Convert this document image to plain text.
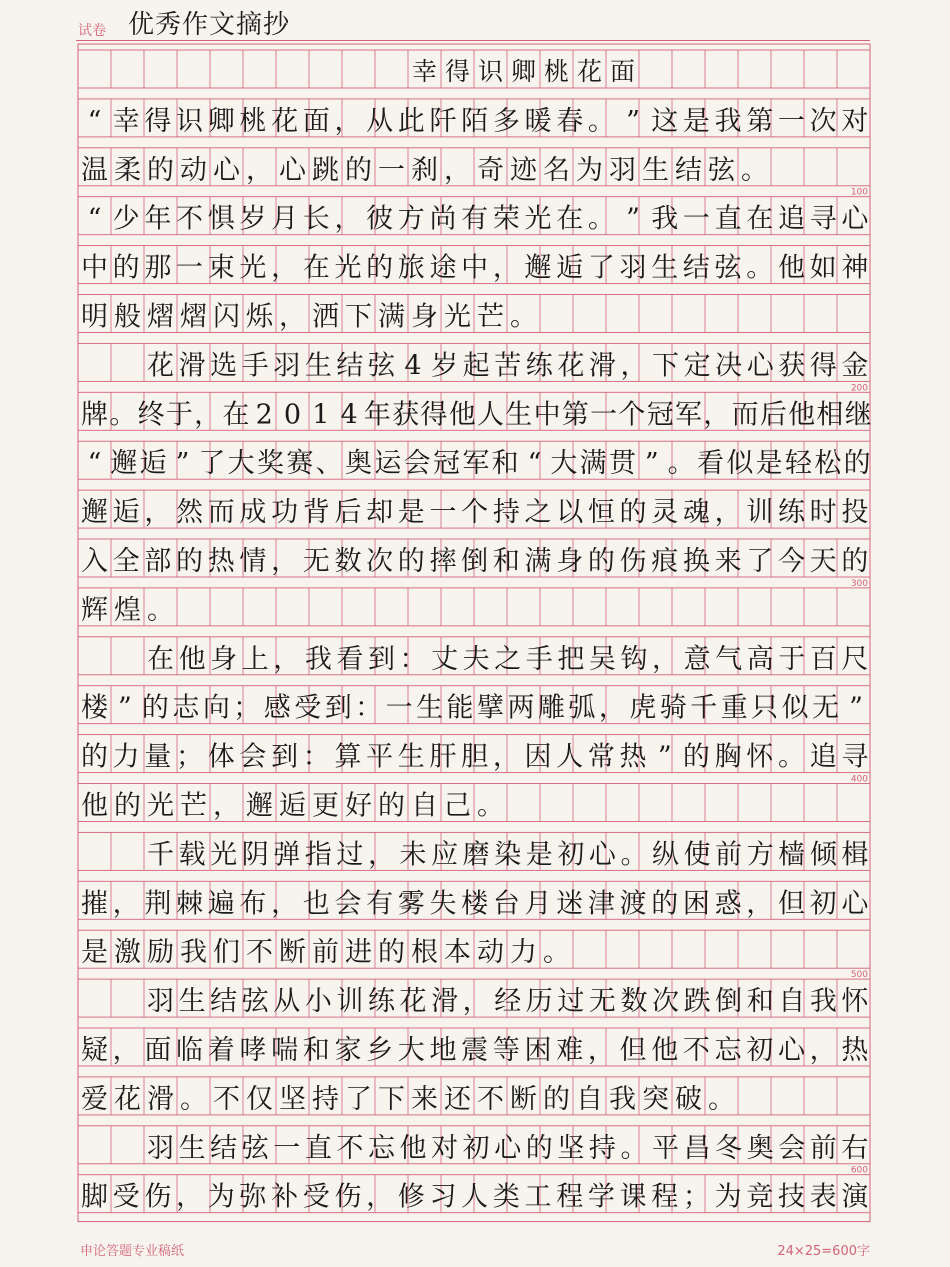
试卷 优秀作文摘抄
100
200
300
400
500
600
幸 得 识 卿 桃 花 面
“ 幸 得 识 卿 桃 花 面 ， 从 此 阡 陌 多 暖 春 。 ” 这 是 我 第 一 次 对
温 柔 的 动 心 ， 心 跳 的 一 刹 ， 奇 迹 名 为 羽 生 结 弦 。
“ 少 年 不 惧 岁 月 长 ， 彼 方 尚 有 荣 光 在 。 ” 我 一 直 在 追 寻 心
中 的 那 一 束 光 ， 在 光 的 旅 途 中 ， 邂 逅 了 羽 生 结 弦 。 他 如 神
明 般 熠 熠 闪 烁 ， 洒 下 满 身 光 芒 。
花 滑 选 手 羽 生 结 弦 4 岁 起 苦 练 花 滑 ， 下 定 决 心 获 得 金
牌 。 终 于 ， 在 2 0 1 4 年 获 得 他 人 生 中 第 一 个 冠 军 ， 而 后 他 相 继
“ 邂 逅 ” 了 大 奖 赛 、 奥 运 会 冠 军 和 “ 大 满 贯 ” 。 看 似 是 轻 松 的
邂 逅 ， 然 而 成 功 背 后 却 是 一 个 持 之 以 恒 的 灵 魂 ， 训 练 时 投
入 全 部 的 热 情 ， 无 数 次 的 摔 倒 和 满 身 的 伤 痕 换 来 了 今 天 的
辉 煌 。
在 他 身 上 ， 我 看 到 ： 丈 夫 之 手 把 吴 钩 ， 意 气 高 于 百 尺
楼 ” 的 志 向 ； 感 受 到 ： 一 生 能 擘 两 雕 弧 ， 虎 骑 千 重 只 似 无 ”
的 力 量 ； 体 会 到 ： 算 平 生 肝 胆 ， 因 人 常 热 ” 的 胸 怀 。 追 寻
他 的 光 芒 ， 邂 逅 更 好 的 自 己 。
千 载 光 阴 弹 指 过 ， 未 应 磨 染 是 初 心 。 纵 使 前 方 樯 倾 楫
摧 ， 荆 棘 遍 布 ， 也 会 有 雾 失 楼 台 月 迷 津 渡 的 困 惑 ， 但 初 心
是 激 励 我 们 不 断 前 进 的 根 本 动 力 。
羽 生 结 弦 从 小 训 练 花 滑 ， 经 历 过 无 数 次 跌 倒 和 自 我 怀
疑 ， 面 临 着 哮 喘 和 家 乡 大 地 震 等 困 难 ， 但 他 不 忘 初 心 ， 热
爱 花 滑 。 不 仅 坚 持 了 下 来 还 不 断 的 自 我 突 破 。
羽 生 结 弦 一 直 不 忘 他 对 初 心 的 坚 持 。 平 昌 冬 奥 会 前 右
脚 受 伤 ， 为 弥 补 受 伤 ， 修 习 人 类 工 程 学 课 程 ； 为 竞 技 表 演
申论答题专业稿纸	24×25=600字
